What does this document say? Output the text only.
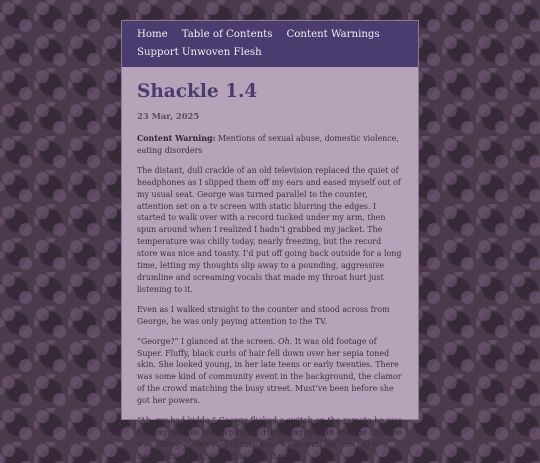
Home Table of Contents Content Warnings
Support Unwoven Flesh
Shackle 1.4
23 Mar, 2025

Content Warning: Mentions of sexual abuse, domestic violence, eating disorders

The distant, dull crackle of an old television replaced the quiet of headphones as I slipped them off my ears and eased myself out of my usual seat. George was turned parallel to the counter, attention set on a tv screen with static blurring the edges. I started to walk over with a record tucked under my arm, then spun around when I realized I hadn’t grabbed my jacket. The temperature was chilly today, nearly freezing, but the record store was nice and toasty. I’d put off going back outside for a long time, letting my thoughts slip away to a pounding, aggressive drumline and screaming vocals that made my throat hurt just listening to it.

Even as I walked straight to the counter and stood across from George, he was only paying attention to the TV.

“George?” I glanced at the screen. Oh. It was old footage of Super. Fluffy, black curls of hair fell down over her sepia toned skin. She looked young, in her late teens or early twenties. There was some kind of community event in the background, the clamor of the crowd matching the busy street. Must’ve been before she got her powers.

“Ah, my bad kiddo.” George flicked a switch on the remote he was holding and the image paused. He swung around and the chair he was sitting in swiveled to face me. “I was watchin’ the big new documentary on Super. You seen it yet?”
